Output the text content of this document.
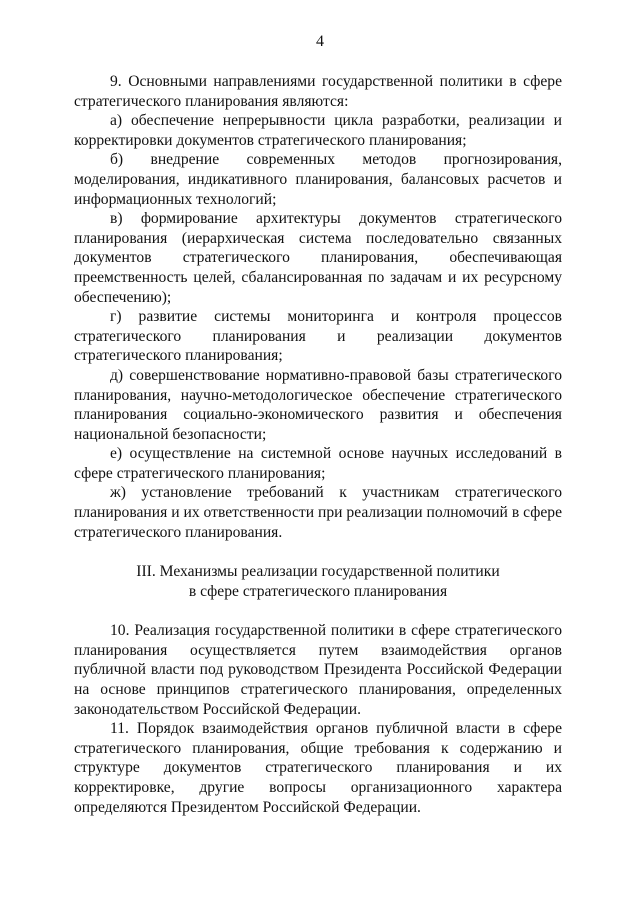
4

9. Основными направлениями государственной политики в сфере стратегического планирования являются:

а) обеспечение непрерывности цикла разработки, реализации и корректировки документов стратегического планирования;

б) внедрение современных методов прогнозирования, моделирования, индикативного планирования, балансовых расчетов и информационных технологий;

в) формирование архитектуры документов стратегического планирования (иерархическая система последовательно связанных документов стратегического планирования, обеспечивающая преемственность целей, сбалансированная по задачам и их ресурсному обеспечению);

г) развитие системы мониторинга и контроля процессов стратегического планирования и реализации документов стратегического планирования;

д) совершенствование нормативно-правовой базы стратегического планирования, научно-методологическое обеспечение стратегического планирования социально-экономического развития и обеспечения национальной безопасности;

е) осуществление на системной основе научных исследований в сфере стратегического планирования;

ж) установление требований к участникам стратегического планирования и их ответственности при реализации полномочий в сфере стратегического планирования.

III. Механизмы реализации государственной политики
в сфере стратегического планирования

10. Реализация государственной политики в сфере стратегического планирования осуществляется путем взаимодействия органов публичной власти под руководством Президента Российской Федерации на основе принципов стратегического планирования, определенных законодательством Российской Федерации.

11. Порядок взаимодействия органов публичной власти в сфере стратегического планирования, общие требования к содержанию и структуре документов стратегического планирования и их корректировке, другие вопросы организационного характера определяются Президентом Российской Федерации.
